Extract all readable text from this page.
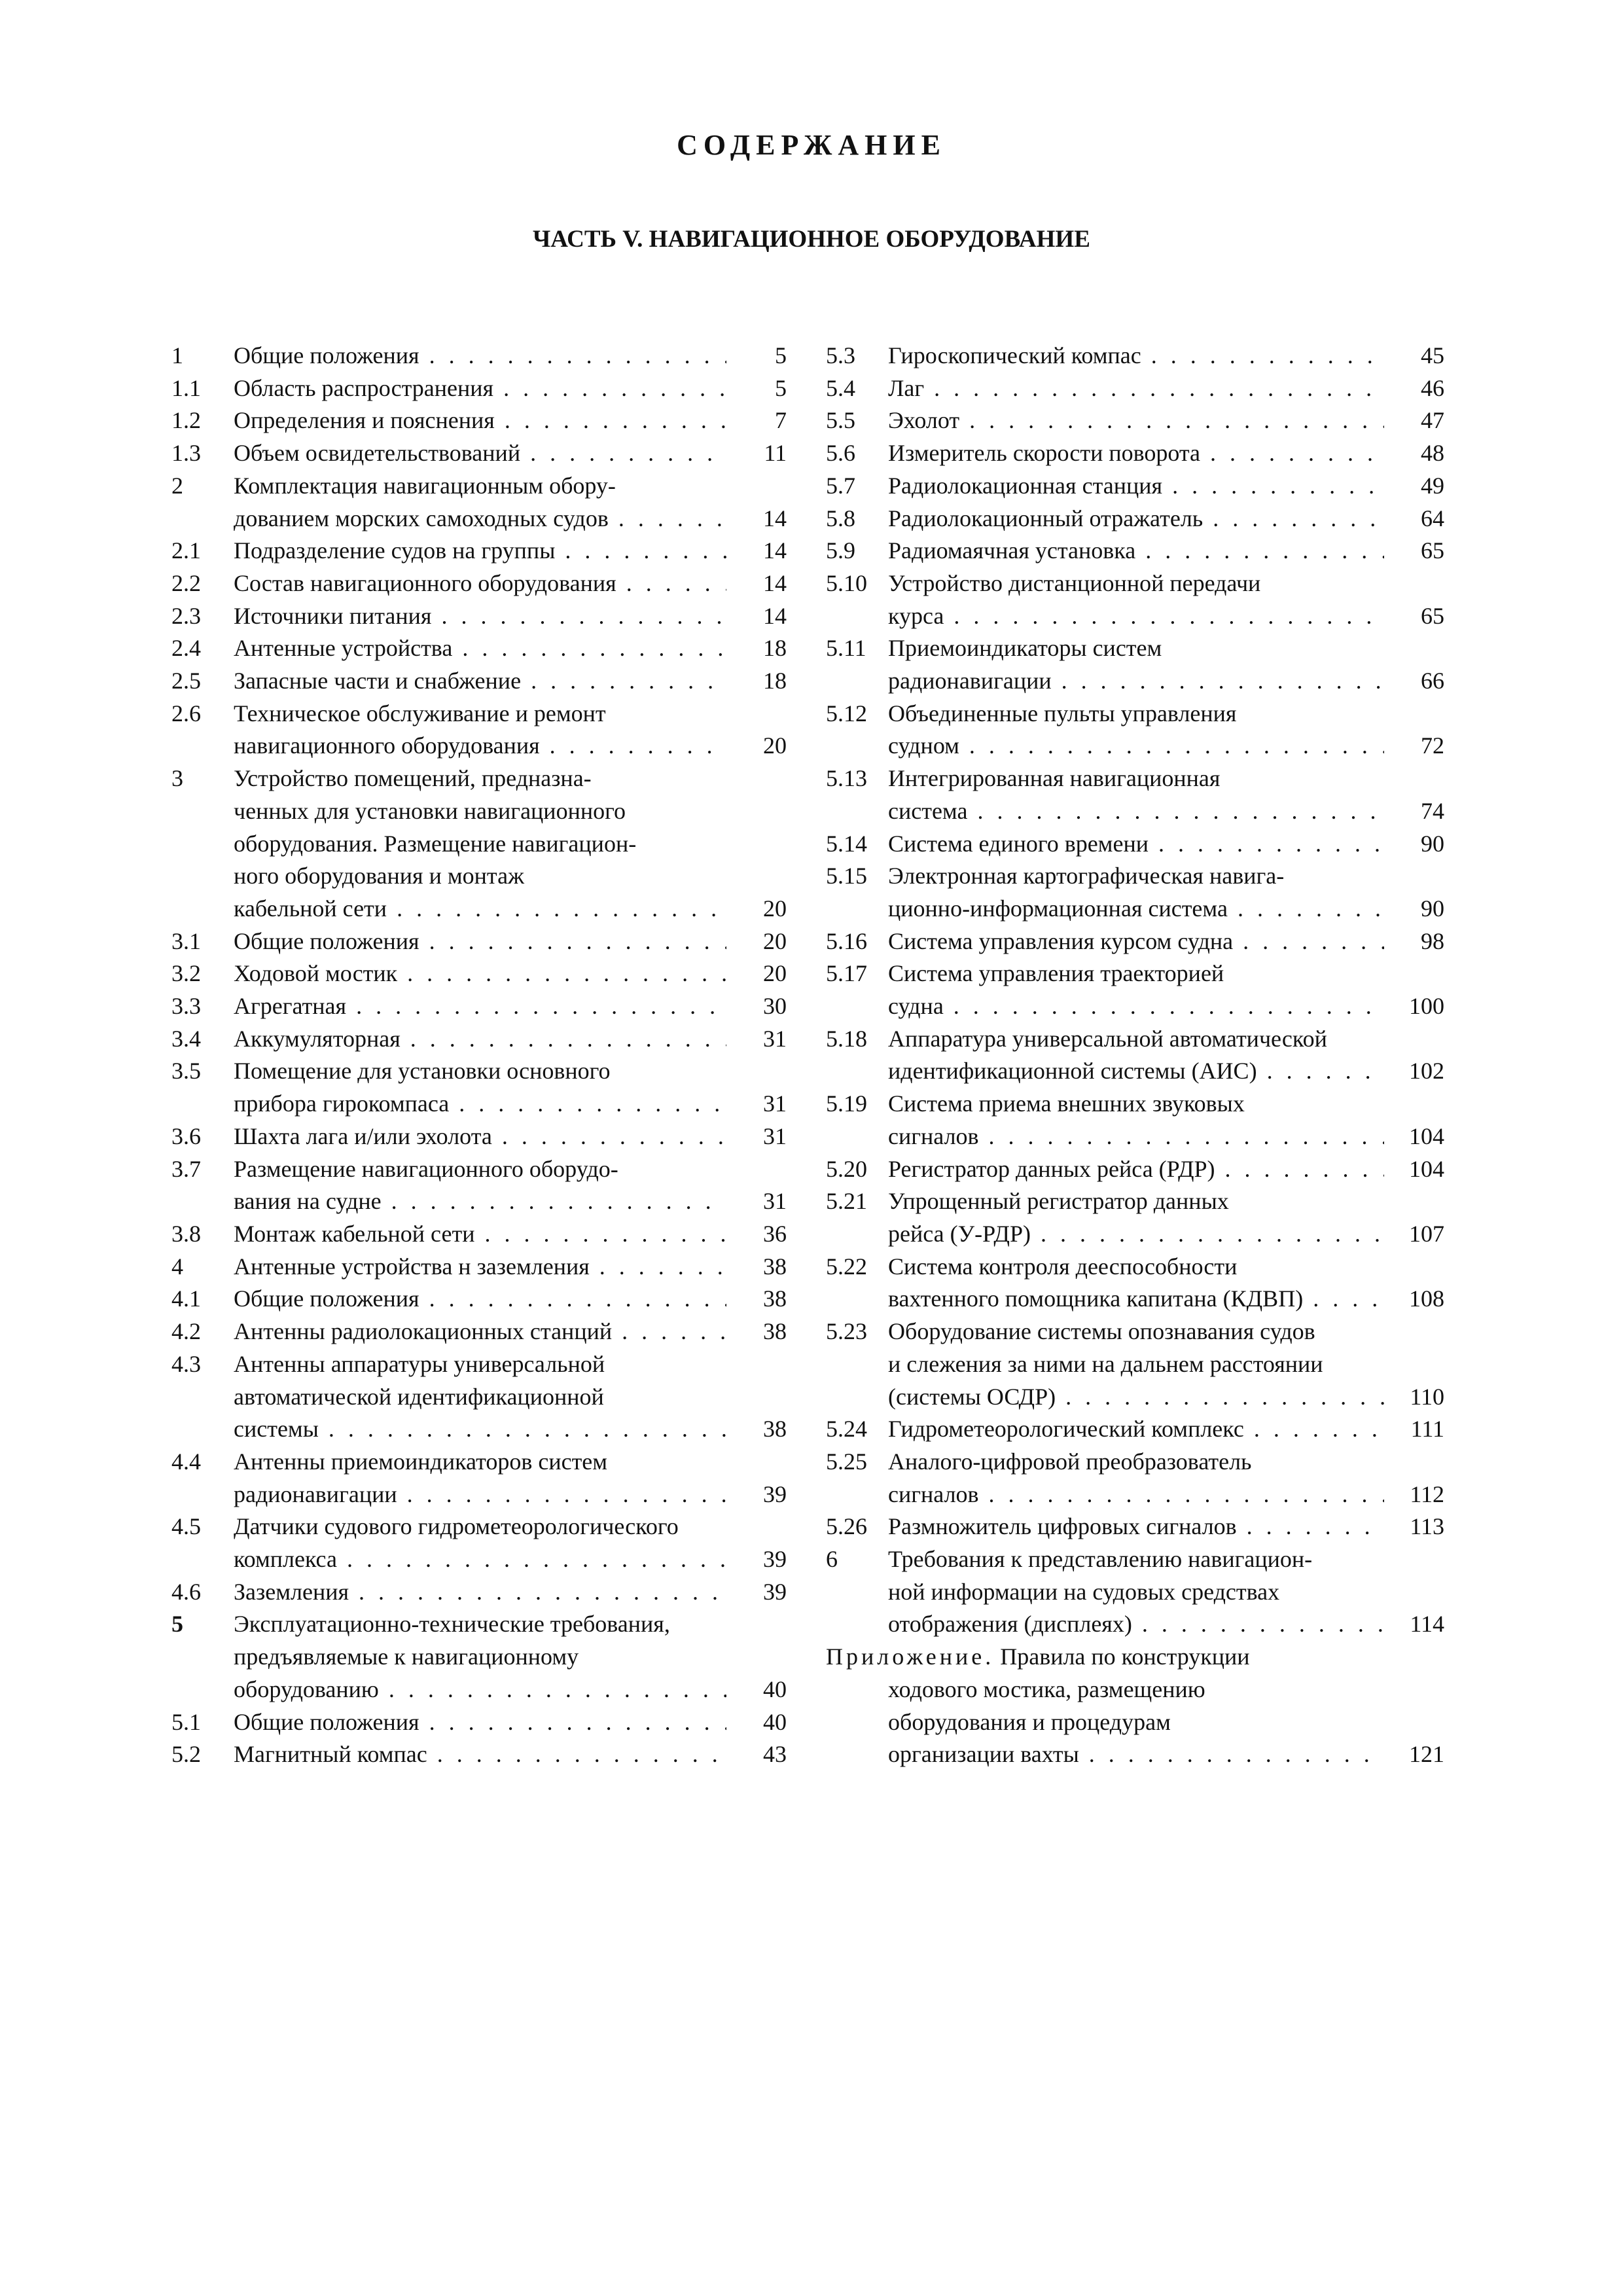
СОДЕРЖАНИЕ
ЧАСТЬ V. НАВИГАЦИОННОЕ ОБОРУДОВАНИЕ
1	Общие положения . . .	5
1.1	Область распространения . . .	5
1.2	Определения и пояснения . . .	7
1.3	Объем освидетельствований . . .	11
2	Комплектация навигационным обору-
дованием морских самоходных судов . . .	14
2.1	Подразделение судов на группы . . .	14
2.2	Состав навигационного оборудования . . .	14
2.3	Источники питания . . .	14
2.4	Антенные устройства . . .	18
2.5	Запасные части и снабжение . . .	18
2.6	Техническое обслуживание и ремонт
навигационного оборудования . . .	20
3	Устройство помещений, предназна-
ченных для установки навигационного
оборудования. Размещение навигацион-
ного оборудования и монтаж
кабельной сети . . .	20
3.1	Общие положения . . .	20
3.2	Ходовой мостик . . .	20
3.3	Агрегатная . . .	30
3.4	Аккумуляторная . . .	31
3.5	Помещение для установки основного
прибора гирокомпаса . . .	31
3.6	Шахта лага и/или эхолота . . .	31
3.7	Размещение навигационного оборудо-
вания на судне . . .	31
3.8	Монтаж кабельной сети . . .	36
4	Антенные устройства н заземления . . .	38
4.1	Общие положения . . .	38
4.2	Антенны радиолокационных станций . . .	38
4.3	Антенны аппаратуры универсальной
автоматической идентификационной
системы . . .	38
4.4	Антенны приемоиндикаторов систем
радионавигации . . .	39
4.5	Датчики судового гидрометеорологического
комплекса . . .	39
4.6	Заземления . . .	39
5	Эксплуатационно-технические требования,
предъявляемые к навигационному
оборудованию . . .	40
5.1	Общие положения . . .	40
5.2	Магнитный компас . . .	43
5.3	Гироскопический компас . . .	45
5.4	Лаг . . .	46
5.5	Эхолот . . .	47
5.6	Измеритель скорости поворота . . .	48
5.7	Радиолокационная станция . . .	49
5.8	Радиолокационный отражатель . . .	64
5.9	Радиомаячная установка . . .	65
5.10 Устройство дистанционной передачи
курса . . .	65
5.11 Приемоиндикаторы систем
радионавигации . . .	66
5.12 Объединенные пульты управления
судном . . .	72
5.13 Интегрированная навигационная
система . . .	74
5.14 Система единого времени . . .	90
5.15 Электронная картографическая навига-
ционно-информационная система . . .	90
5.16 Система управления курсом судна . . .	98
5.17 Система управления траекторией
судна . . .	100
5.18 Аппаратура универсальной автоматической
идентификационной системы (АИС) . . .	102
5.19 Система приема внешних звуковых
сигналов . . .	104
5.20 Регистратор данных рейса (РДР) . . .	104
5.21 Упрощенный регистратор данных
рейса (У-РДР) . . .	107
5.22 Система контроля дееспособности
вахтенного помощника капитана (КДВП) . . .	108
5.23 Оборудование системы опознавания судов
и слежения за ними на дальнем расстоянии
(системы ОСДР) . . .	110
5.24 Гидрометеорологический комплекс . . .	111
5.25 Аналого-цифровой преобразователь
сигналов . . .	112
5.26 Размножитель цифровых сигналов . . .	113
6	Требования к представлению навигацион-
ной информации на судовых средствах
отображения (дисплеях) . . .	114
Приложение. Правила по конструкции
ходового мостика, размещению
оборудования и процедурам
организации вахты . . .	121
